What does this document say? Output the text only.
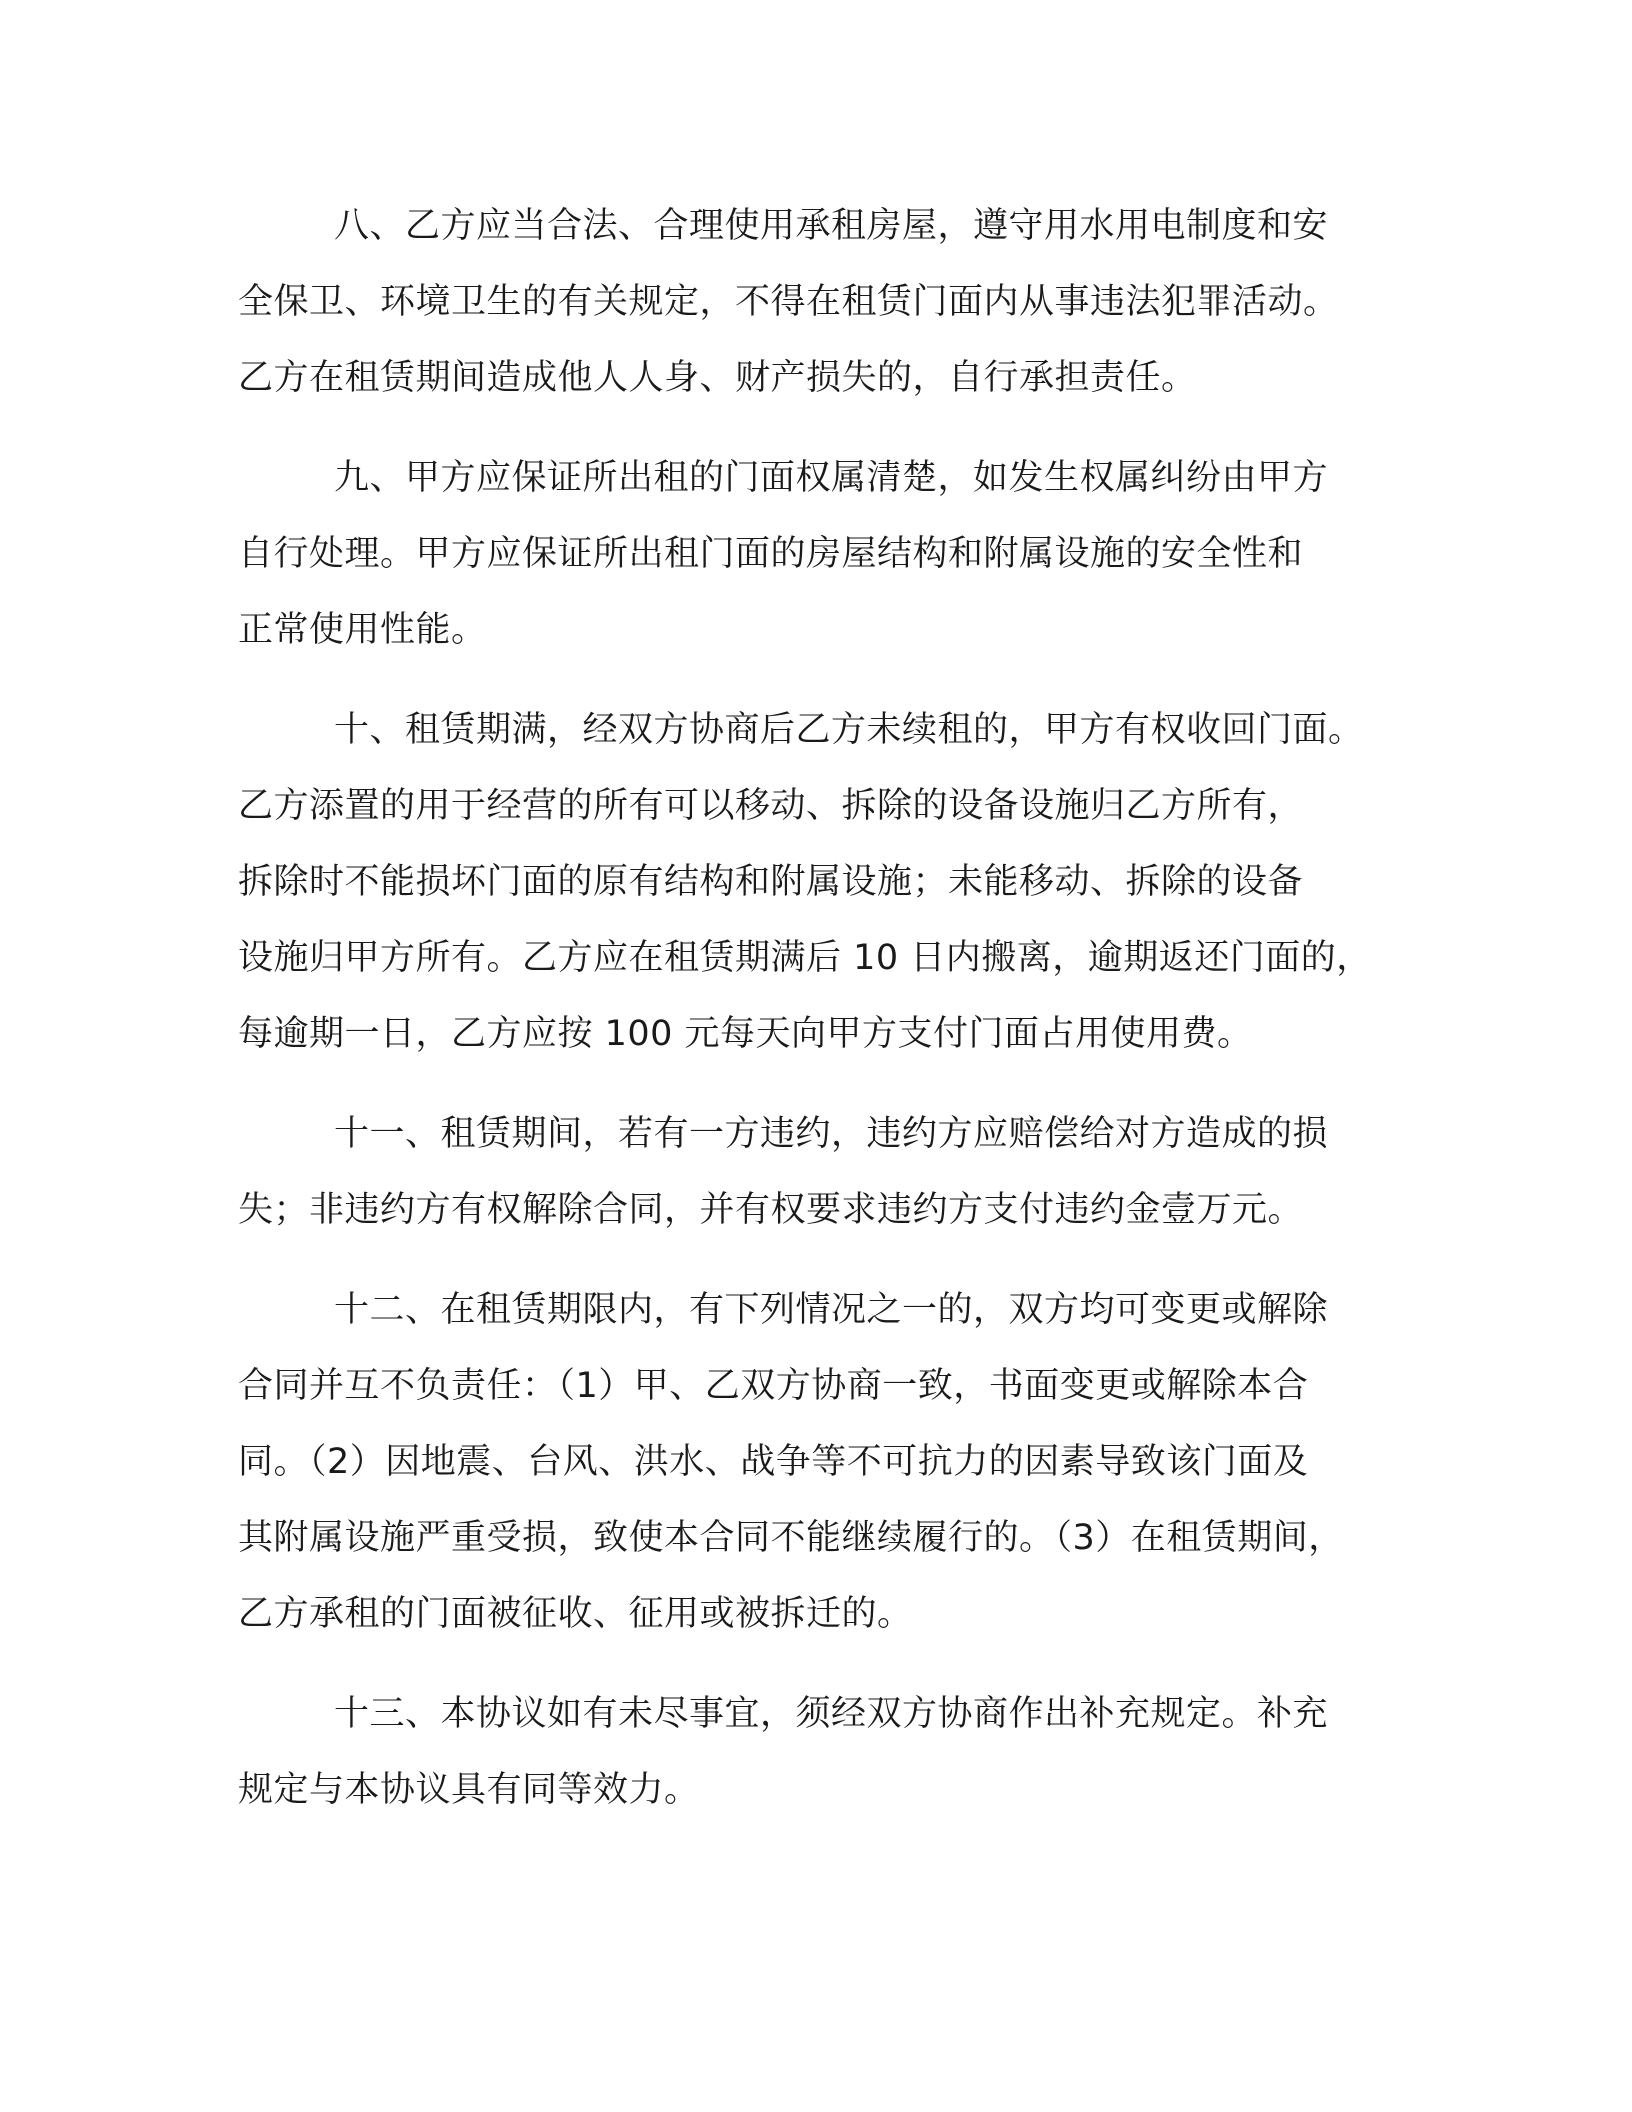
八、乙方应当合法、合理使用承租房屋，遵守用水用电制度和安
全保卫、环境卫生的有关规定，不得在租赁门面内从事违法犯罪活动。
乙方在租赁期间造成他人人身、财产损失的，自行承担责任。
九、甲方应保证所出租的门面权属清楚，如发生权属纠纷由甲方
自行处理。甲方应保证所出租门面的房屋结构和附属设施的安全性和
正常使用性能。
十、租赁期满，经双方协商后乙方未续租的，甲方有权收回门面。
乙方添置的用于经营的所有可以移动、拆除的设备设施归乙方所有，
拆除时不能损坏门面的原有结构和附属设施；未能移动、拆除的设备
设施归甲方所有。乙方应在租赁期满后 10 日内搬离，逾期返还门面的，
每逾期一日，乙方应按 100 元每天向甲方支付门面占用使用费。
十一、租赁期间，若有一方违约，违约方应赔偿给对方造成的损
失；非违约方有权解除合同，并有权要求违约方支付违约金壹万元。
十二、在租赁期限内，有下列情况之一的，双方均可变更或解除
合同并互不负责任：（1）甲、乙双方协商一致，书面变更或解除本合
同。（2）因地震、台风、洪水、战争等不可抗力的因素导致该门面及
其附属设施严重受损，致使本合同不能继续履行的。（3）在租赁期间，
乙方承租的门面被征收、征用或被拆迁的。
十三、本协议如有未尽事宜，须经双方协商作出补充规定。补充
规定与本协议具有同等效力。
